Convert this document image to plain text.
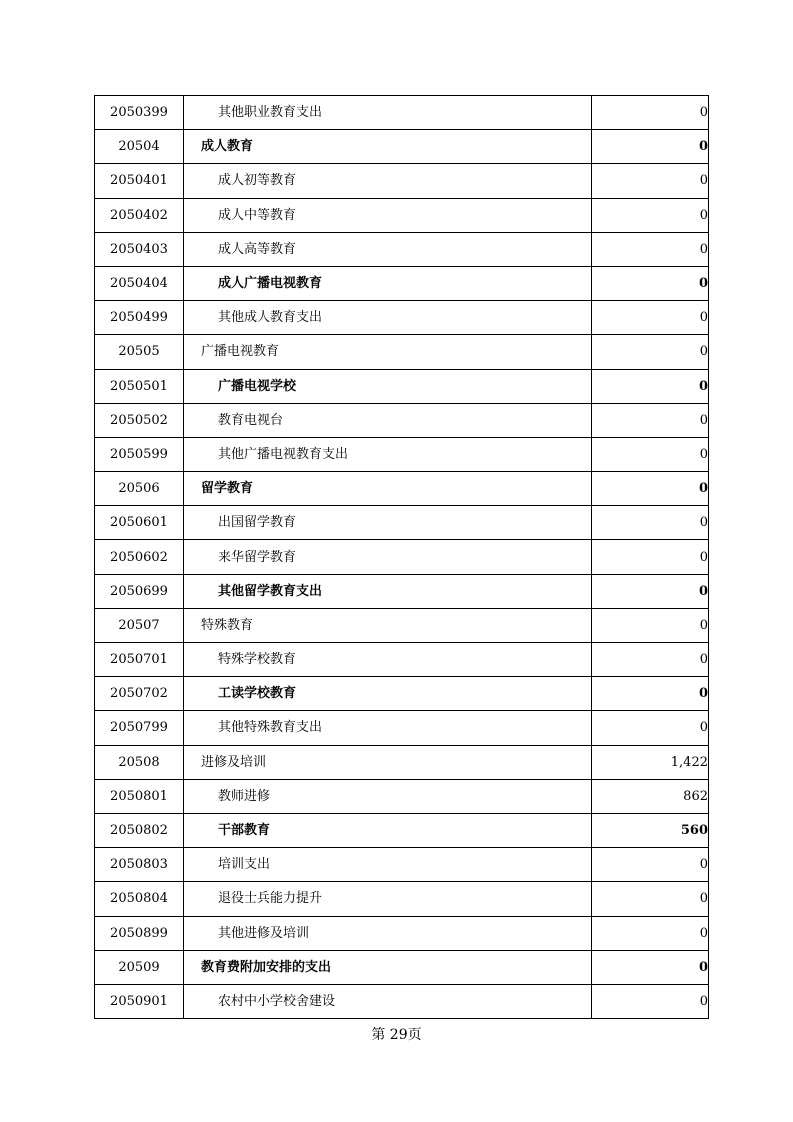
2050399	其他职业教育支出	0
20504	成人教育	0
2050401	成人初等教育	0
2050402	成人中等教育	0
2050403	成人高等教育	0
2050404	成人广播电视教育	0
2050499	其他成人教育支出	0
20505	广播电视教育	0
2050501	广播电视学校	0
2050502	教育电视台	0
2050599	其他广播电视教育支出	0
20506	留学教育	0
2050601	出国留学教育	0
2050602	来华留学教育	0
2050699	其他留学教育支出	0
20507	特殊教育	0
2050701	特殊学校教育	0
2050702	工读学校教育	0
2050799	其他特殊教育支出	0
20508	进修及培训	1,422
2050801	教师进修	862
2050802	干部教育	560
2050803	培训支出	0
2050804	退役士兵能力提升	0
2050899	其他进修及培训	0
20509	教育费附加安排的支出	0
2050901	农村中小学校舍建设	0
第 29页
